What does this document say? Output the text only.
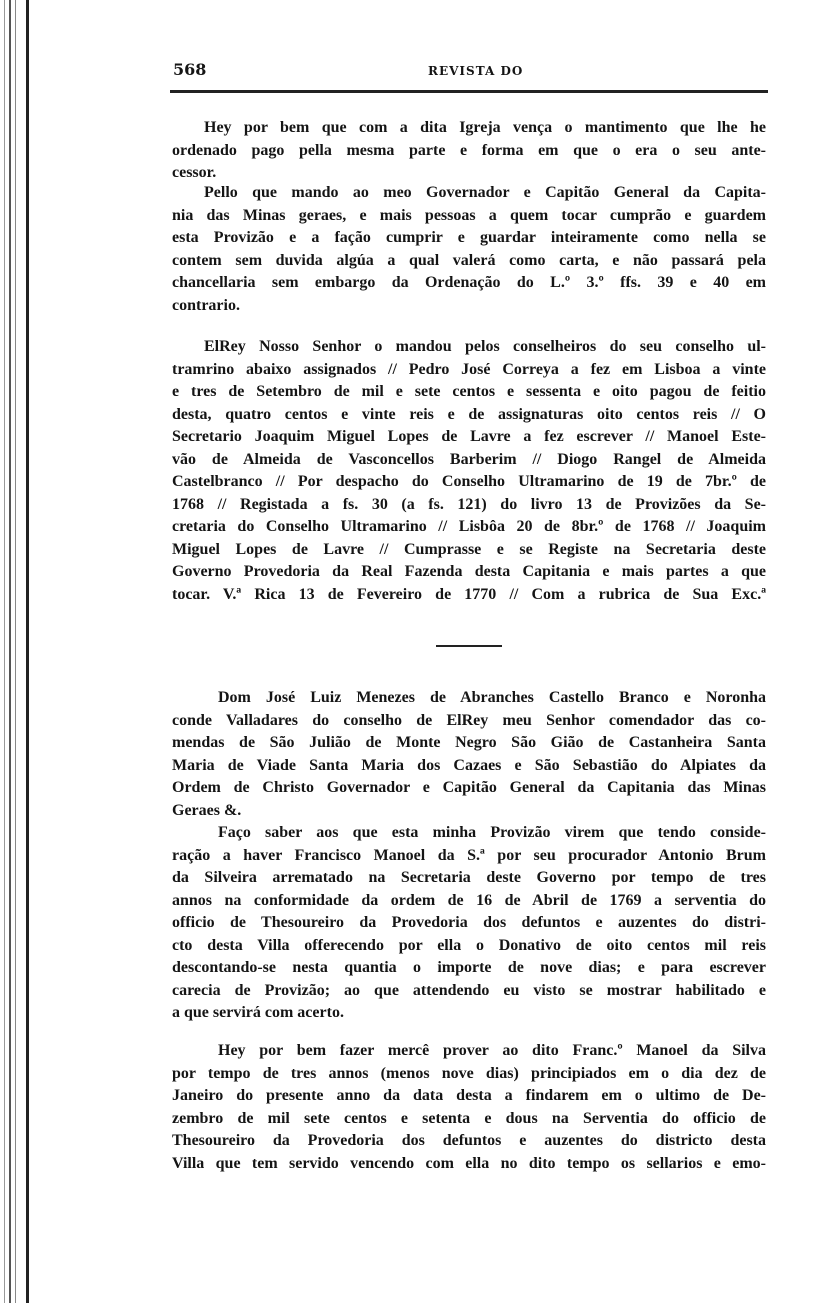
568	REVISTA DO
Hey por bem que com a dita Igreja vença o mantimento que lhe he
ordenado pago pella mesma parte e forma em que o era o seu ante-
cessor.
Pello que mando ao meo Governador e Capitão General da Capita-
nia das Minas geraes, e mais pessoas a quem tocar cumprão e guardem
esta Provizão e a fação cumprir e guardar inteiramente como nella se
contem sem duvida algúa a qual valerá como carta, e não passará pela
chancellaria sem embargo da Ordenação do L.º 3.º ffs. 39 e 40 em
contrario.
ElRey Nosso Senhor o mandou pelos conselheiros do seu conselho ul-
tramrino abaixo assignados // Pedro José Correya a fez em Lisboa a vinte
e tres de Setembro de mil e sete centos e sessenta e oito pagou de feitio
desta, quatro centos e vinte reis e de assignaturas oito centos reis // O
Secretario Joaquim Miguel Lopes de Lavre a fez escrever // Manoel Este-
vão de Almeida de Vasconcellos Barberim // Diogo Rangel de Almeida
Castelbranco // Por despacho do Conselho Ultramarino de 19 de 7br.º de
1768 // Registada a fs. 30 (a fs. 121) do livro 13 de Provizões da Se-
cretaria do Conselho Ultramarino // Lisbôa 20 de 8br.º de 1768 // Joaquim
Miguel Lopes de Lavre // Cumprasse e se Registe na Secretaria deste
Governo Provedoria da Real Fazenda desta Capitania e mais partes a que
tocar. V.ª Rica 13 de Fevereiro de 1770 // Com a rubrica de Sua Exc.ª
Dom José Luiz Menezes de Abranches Castello Branco e Noronha
conde Valladares do conselho de ElRey meu Senhor comendador das co-
mendas de São Julião de Monte Negro São Gião de Castanheira Santa
Maria de Viade Santa Maria dos Cazaes e São Sebastião do Alpiates da
Ordem de Christo Governador e Capitão General da Capitania das Minas
Geraes &.
Faço saber aos que esta minha Provizão virem que tendo conside-
ração a haver Francisco Manoel da S.ª por seu procurador Antonio Brum
da Silveira arrematado na Secretaria deste Governo por tempo de tres
annos na conformidade da ordem de 16 de Abril de 1769 a serventia do
officio de Thesoureiro da Provedoria dos defuntos e auzentes do distri-
cto desta Villa offerecendo por ella o Donativo de oito centos mil reis
descontando-se nesta quantia o importe de nove dias; e para escrever
carecia de Provizão; ao que attendendo eu visto se mostrar habilitado e
a que servirá com acerto.
Hey por bem fazer mercê prover ao dito Franc.º Manoel da Silva
por tempo de tres annos (menos nove dias) principiados em o dia dez de
Janeiro do presente anno da data desta a findarem em o ultimo de De-
zembro de mil sete centos e setenta e dous na Serventia do officio de
Thesoureiro da Provedoria dos defuntos e auzentes do districto desta
Villa que tem servido vencendo com ella no dito tempo os sellarios e emo-
